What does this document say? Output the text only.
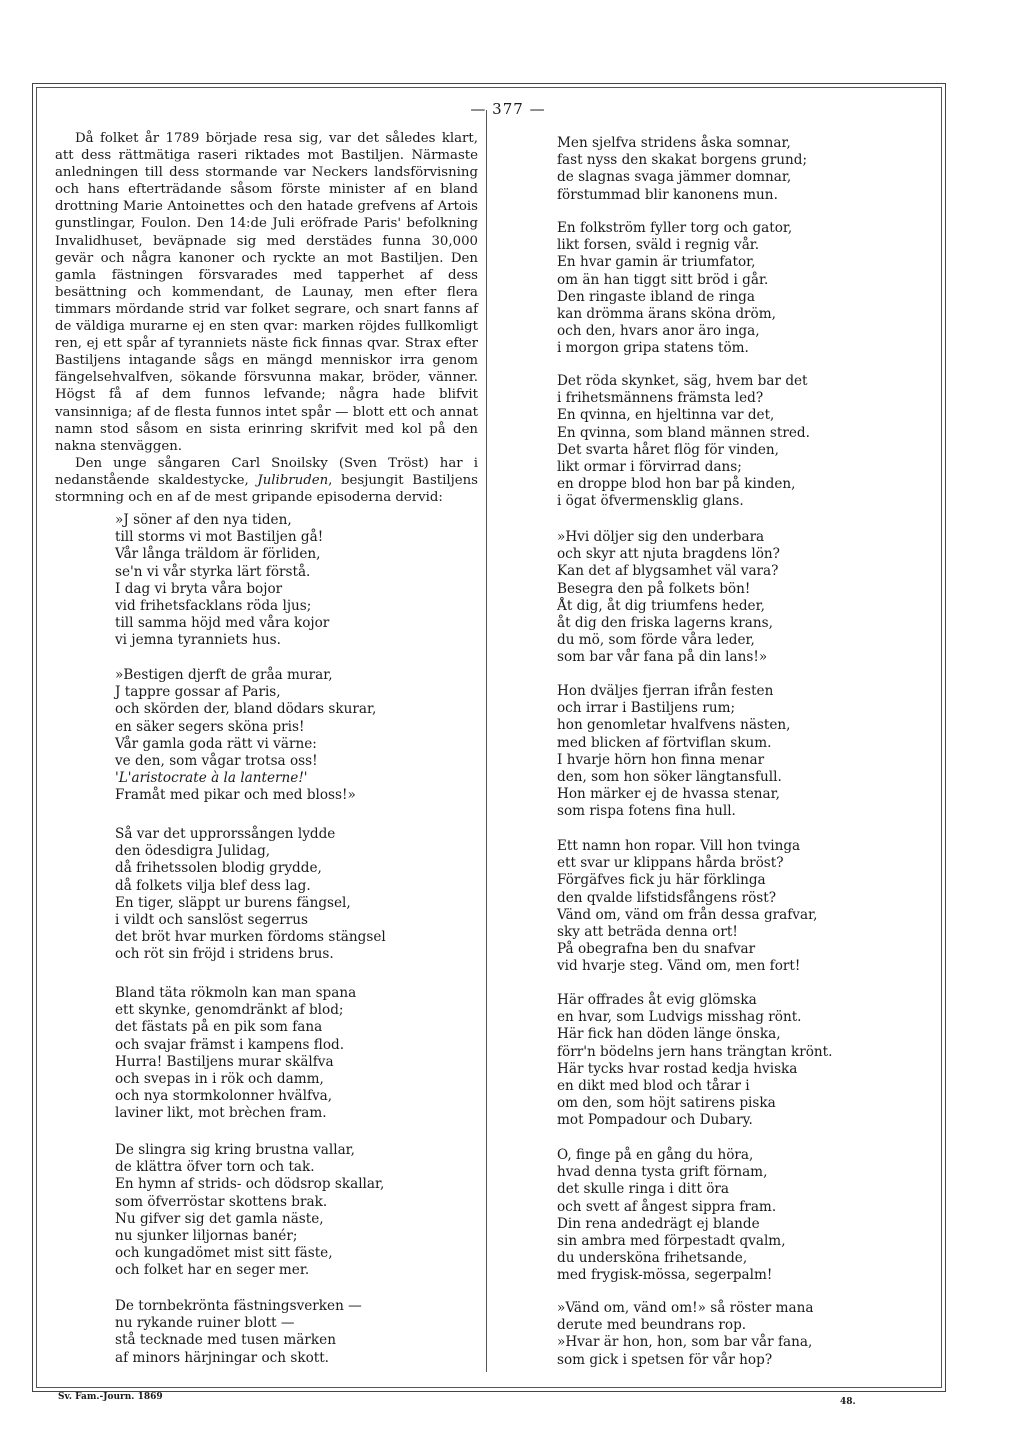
— 377 —

Då folket år 1789 började resa sig, var det således klart, att dess rättmätiga raseri riktades mot Bastiljen. Närmaste anledningen till dess stormande var Neckers landsförvisning och hans efterträdande såsom förste minister af en bland drottning Marie Antoinettes och den hatade grefvens af Artois gunstlingar, Foulon. Den 14:de Juli eröfrade Paris' befolkning Invalidhuset, beväpnade sig med derstädes funna 30,000 gevär och några kanoner och ryckte an mot Bastiljen. Den gamla fästningen försvarades med tapperhet af dess besättning och kommendant, de Launay, men efter flera timmars mördande strid var folket segrare, och snart fanns af de väldiga murarne ej en sten qvar: marken röjdes fullkomligt ren, ej ett spår af tyranniets näste fick finnas qvar. Strax efter Bastiljens intagande sågs en mängd menniskor irra genom fängelsehvalfven, sökande försvunna makar, bröder, vänner. Högst få af dem funnos lefvande; några hade blifvit vansinniga; af de flesta funnos intet spår — blott ett och annat namn stod såsom en sista erinring skrifvit med kol på den nakna stenväggen.

Den unge sångaren Carl Snoilsky (Sven Tröst) har i nedanstående skaldestycke, Julibruden, besjungit Bastiljens stormning och en af de mest gripande episoderna dervid:

»J söner af den nya tiden,
till storms vi mot Bastiljen gå!
Vår långa träldom är förliden,
se'n vi vår styrka lärt förstå.
I dag vi bryta våra bojor
vid frihetsfacklans röda ljus;
till samma höjd med våra kojor
vi jemna tyranniets hus.
»Bestigen djerft de gråa murar,
J tappre gossar af Paris,
och skörden der, bland dödars skurar,
en säker segers sköna pris!
Vår gamla goda rätt vi värne:
ve den, som vågar trotsa oss!
'L'aristocrate à la lanterne!'
Framåt med pikar och med bloss!»
Så var det upprorssången lydde
den ödesdigra Julidag,
då frihetssolen blodig grydde,
då folkets vilja blef dess lag.
En tiger, släppt ur burens fängsel,
i vildt och sanslöst segerrus
det bröt hvar murken fördoms stängsel
och röt sin fröjd i stridens brus.
Bland täta rökmoln kan man spana
ett skynke, genomdränkt af blod;
det fästats på en pik som fana
och svajar främst i kampens flod.
Hurra! Bastiljens murar skälfva
och svepas in i rök och damm,
och nya stormkolonner hvälfva,
laviner likt, mot brèchen fram.
De slingra sig kring brustna vallar,
de klättra öfver torn och tak.
En hymn af strids- och dödsrop skallar,
som öfverröstar skottens brak.
Nu gifver sig det gamla näste,
nu sjunker liljornas banér;
och kungadömet mist sitt fäste,
och folket har en seger mer.
De tornbekrönta fästningsverken —
nu rykande ruiner blott —
stå tecknade med tusen märken
af minors härjningar och skott.
Men sjelfva stridens åska somnar,
fast nyss den skakat borgens grund;
de slagnas svaga jämmer domnar,
förstummad blir kanonens mun.
En folkström fyller torg och gator,
likt forsen, sväld i regnig vår.
En hvar gamin är triumfator,
om än han tiggt sitt bröd i går.
Den ringaste ibland de ringa
kan drömma ärans sköna dröm,
och den, hvars anor äro inga,
i morgon gripa statens töm.
Det röda skynket, säg, hvem bar det
i frihetsmännens främsta led?
En qvinna, en hjeltinna var det,
En qvinna, som bland männen stred.
Det svarta håret flög för vinden,
likt ormar i förvirrad dans;
en droppe blod hon bar på kinden,
i ögat öfvermensklig glans.
»Hvi döljer sig den underbara
och skyr att njuta bragdens lön?
Kan det af blygsamhet väl vara?
Besegra den på folkets bön!
Åt dig, åt dig triumfens heder,
åt dig den friska lagerns krans,
du mö, som förde våra leder,
som bar vår fana på din lans!»
Hon dväljes fjerran ifrån festen
och irrar i Bastiljens rum;
hon genomletar hvalfvens nästen,
med blicken af förtviflan skum.
I hvarje hörn hon finna menar
den, som hon söker längtansfull.
Hon märker ej de hvassa stenar,
som rispa fotens fina hull.
Ett namn hon ropar. Vill hon tvinga
ett svar ur klippans hårda bröst?
Förgäfves fick ju här förklinga
den qvalde lifstidsfångens röst?
Vänd om, vänd om från dessa grafvar,
sky att beträda denna ort!
På obegrafna ben du snafvar
vid hvarje steg. Vänd om, men fort!
Här offrades åt evig glömska
en hvar, som Ludvigs misshag rönt.
Här fick han döden länge önska,
förr'n bödelns jern hans trängtan krönt.
Här tycks hvar rostad kedja hviska
en dikt med blod och tårar i
om den, som höjt satirens piska
mot Pompadour och Dubary.
O, finge på en gång du höra,
hvad denna tysta grift förnam,
det skulle ringa i ditt öra
och svett af ångest sippra fram.
Din rena andedrägt ej blande
sin ambra med förpestadt qvalm,
du undersköna frihetsande,
med frygisk-mössa, segerpalm!
»Vänd om, vänd om!» så röster mana
derute med beundrans rop.
»Hvar är hon, hon, som bar vår fana,
som gick i spetsen för vår hop?
Sv. Fam.-Journ. 1869	48.
